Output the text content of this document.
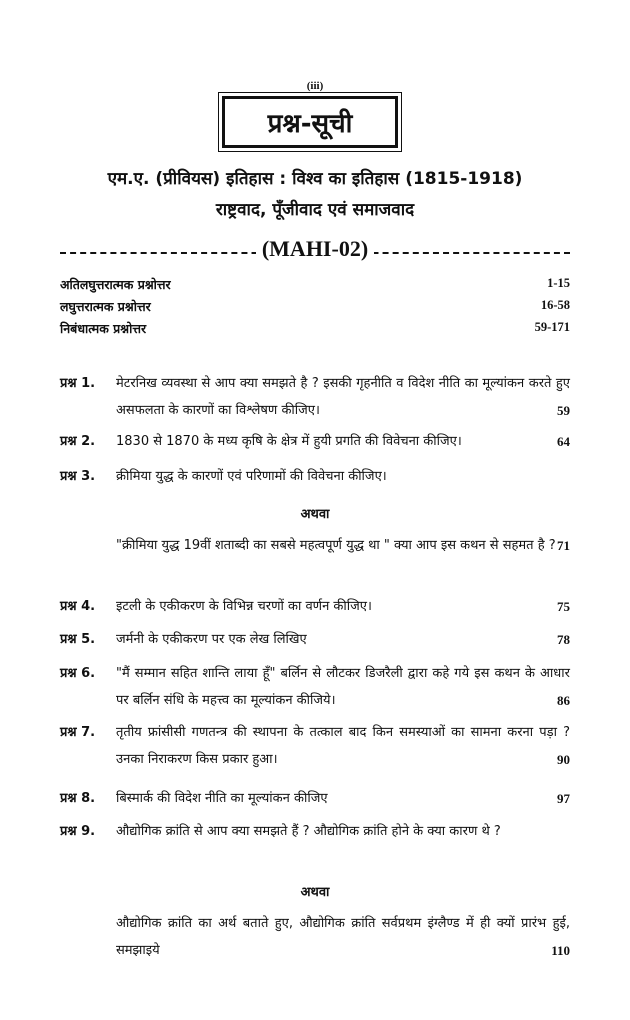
(iii)
प्रश्न-सूची
एम.ए. (प्रीवियस) इतिहास : विश्व का इतिहास (1815-1918)
राष्ट्रवाद, पूँजीवाद एवं समाजवाद
(MAHI-02)
अतिलघुत्तरात्मक प्रश्नोत्तर	1-15
लघुत्तरात्मक प्रश्नोत्तर	16-58
निबंधात्मक प्रश्नोत्तर	59-171
प्रश्न 1. मेटरनिख व्यवस्था से आप क्या समझते है ? इसकी गृहनीति व विदेश नीति का मूल्यांकन करते हुए असफलता के कारणों का विश्लेषण कीजिए।	59
प्रश्न 2. 1830 से 1870 के मध्य कृषि के क्षेत्र में हुयी प्रगति की विवेचना कीजिए।	64
प्रश्न 3. क्रीमिया युद्ध के कारणों एवं परिणामों की विवेचना कीजिए।
अथवा
"क्रीमिया युद्ध 19वीं शताब्दी का सबसे महत्वपूर्ण युद्ध था " क्या आप इस कथन से सहमत है ? 71
प्रश्न 4. इटली के एकीकरण के विभिन्न चरणों का वर्णन कीजिए।	75
प्रश्न 5. जर्मनी के एकीकरण पर एक लेख लिखिए	78
प्रश्न 6. "मैं सम्मान सहित शान्ति लाया हूँ" बर्लिन से लौटकर डिजरैली द्वारा कहे गये इस कथन के आधार पर बर्लिन संधि के महत्त्व का मूल्यांकन कीजिये।	86
प्रश्न 7. तृतीय फ्रांसीसी गणतन्त्र की स्थापना के तत्काल बाद किन समस्याओं का सामना करना पड़ा ? उनका निराकरण किस प्रकार हुआ।	90
प्रश्न 8. बिस्मार्क की विदेश नीति का मूल्यांकन कीजिए	97
प्रश्न 9. औद्योगिक क्रांति से आप क्या समझते हैं ? औद्योगिक क्रांति होने के क्या कारण थे ?
अथवा
औद्योगिक क्रांति का अर्थ बताते हुए, औद्योगिक क्रांति सर्वप्रथम इंग्लैण्ड में ही क्यों प्रारंभ हुई, समझाइये	110
